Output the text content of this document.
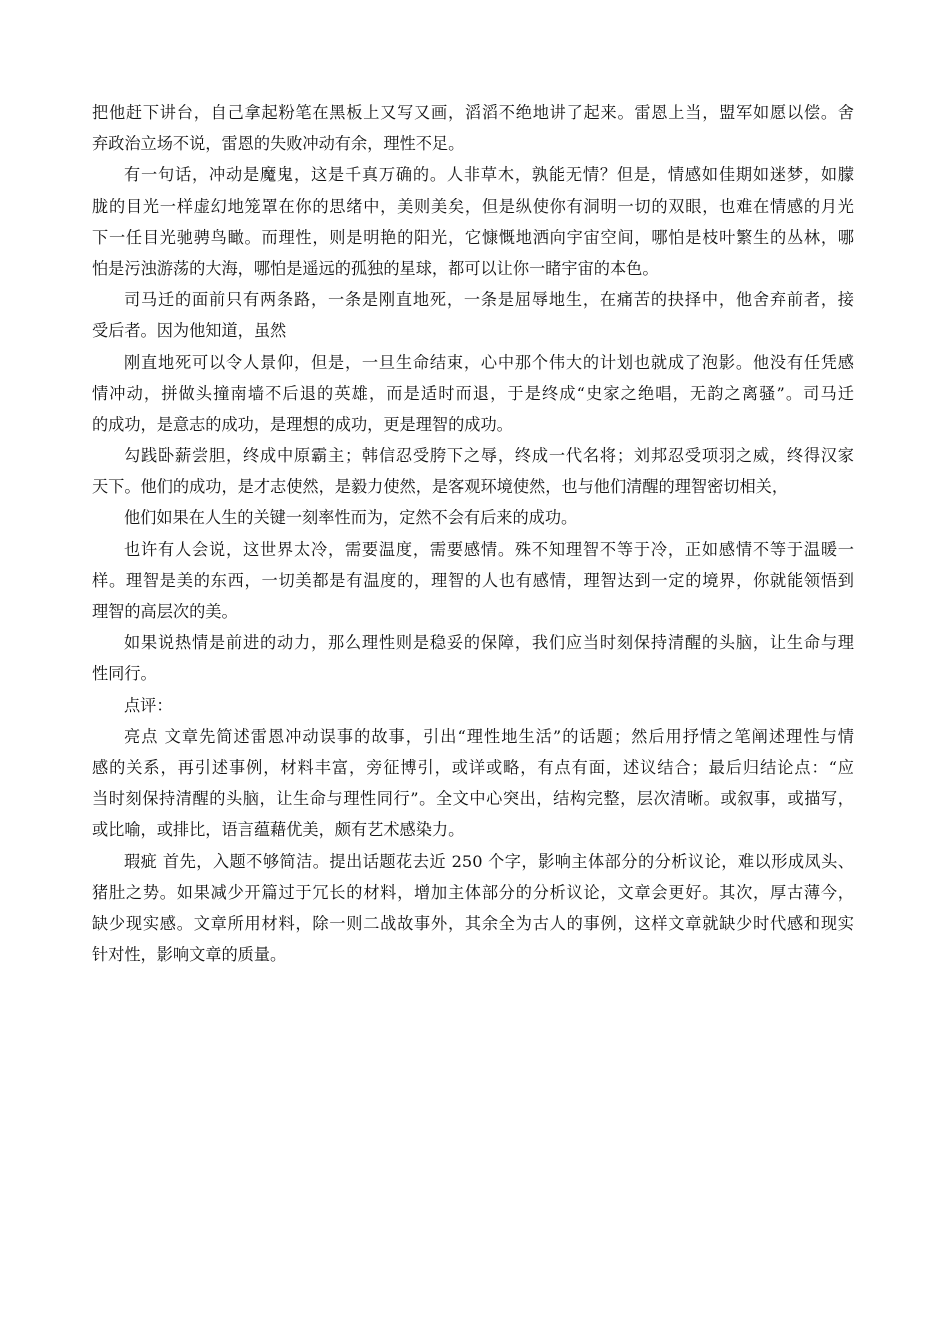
把他赶下讲台，自己拿起粉笔在黑板上又写又画，滔滔不绝地讲了起来。雷恩上当，盟军如愿以偿。舍
弃政治立场不说，雷恩的失败冲动有余，理性不足。
有一句话，冲动是魔鬼，这是千真万确的。人非草木，孰能无情？但是，情感如佳期如迷梦，如朦
胧的目光一样虚幻地笼罩在你的思绪中，美则美矣，但是纵使你有洞明一切的双眼，也难在情感的月光
下一任目光驰骋鸟瞰。而理性，则是明艳的阳光，它慷慨地洒向宇宙空间，哪怕是枝叶繁生的丛林，哪
怕是污浊游荡的大海，哪怕是遥远的孤独的星球，都可以让你一睹宇宙的本色。
司马迁的面前只有两条路，一条是刚直地死，一条是屈辱地生，在痛苦的抉择中，他舍弃前者，接
受后者。因为他知道，虽然
刚直地死可以令人景仰，但是，一旦生命结束，心中那个伟大的计划也就成了泡影。他没有任凭感
情冲动，拼做头撞南墙不后退的英雄，而是适时而退，于是终成“史家之绝唱，无韵之离骚”。司马迁
的成功，是意志的成功，是理想的成功，更是理智的成功。
勾践卧薪尝胆，终成中原霸主；韩信忍受胯下之辱，终成一代名将；刘邦忍受项羽之威，终得汉家
天下。他们的成功，是才志使然，是毅力使然，是客观环境使然，也与他们清醒的理智密切相关，
他们如果在人生的关键一刻率性而为，定然不会有后来的成功。
也许有人会说，这世界太冷，需要温度，需要感情。殊不知理智不等于冷，正如感情不等于温暖一
样。理智是美的东西，一切美都是有温度的，理智的人也有感情，理智达到一定的境界，你就能领悟到
理智的高层次的美。
如果说热情是前进的动力，那么理性则是稳妥的保障，我们应当时刻保持清醒的头脑，让生命与理
性同行。
点评：
亮点 文章先简述雷恩冲动误事的故事，引出“理性地生活”的话题；然后用抒情之笔阐述理性与情
感的关系，再引述事例，材料丰富，旁征博引，或详或略，有点有面，述议结合；最后归结论点：“应
当时刻保持清醒的头脑，让生命与理性同行”。全文中心突出，结构完整，层次清晰。或叙事，或描写，
或比喻，或排比，语言蕴藉优美，颇有艺术感染力。
瑕疵 首先，入题不够简洁。提出话题花去近 250 个字，影响主体部分的分析议论，难以形成凤头、
猪肚之势。如果减少开篇过于冗长的材料，增加主体部分的分析议论，文章会更好。其次，厚古薄今，
缺少现实感。文章所用材料，除一则二战故事外，其余全为古人的事例，这样文章就缺少时代感和现实
针对性，影响文章的质量。
